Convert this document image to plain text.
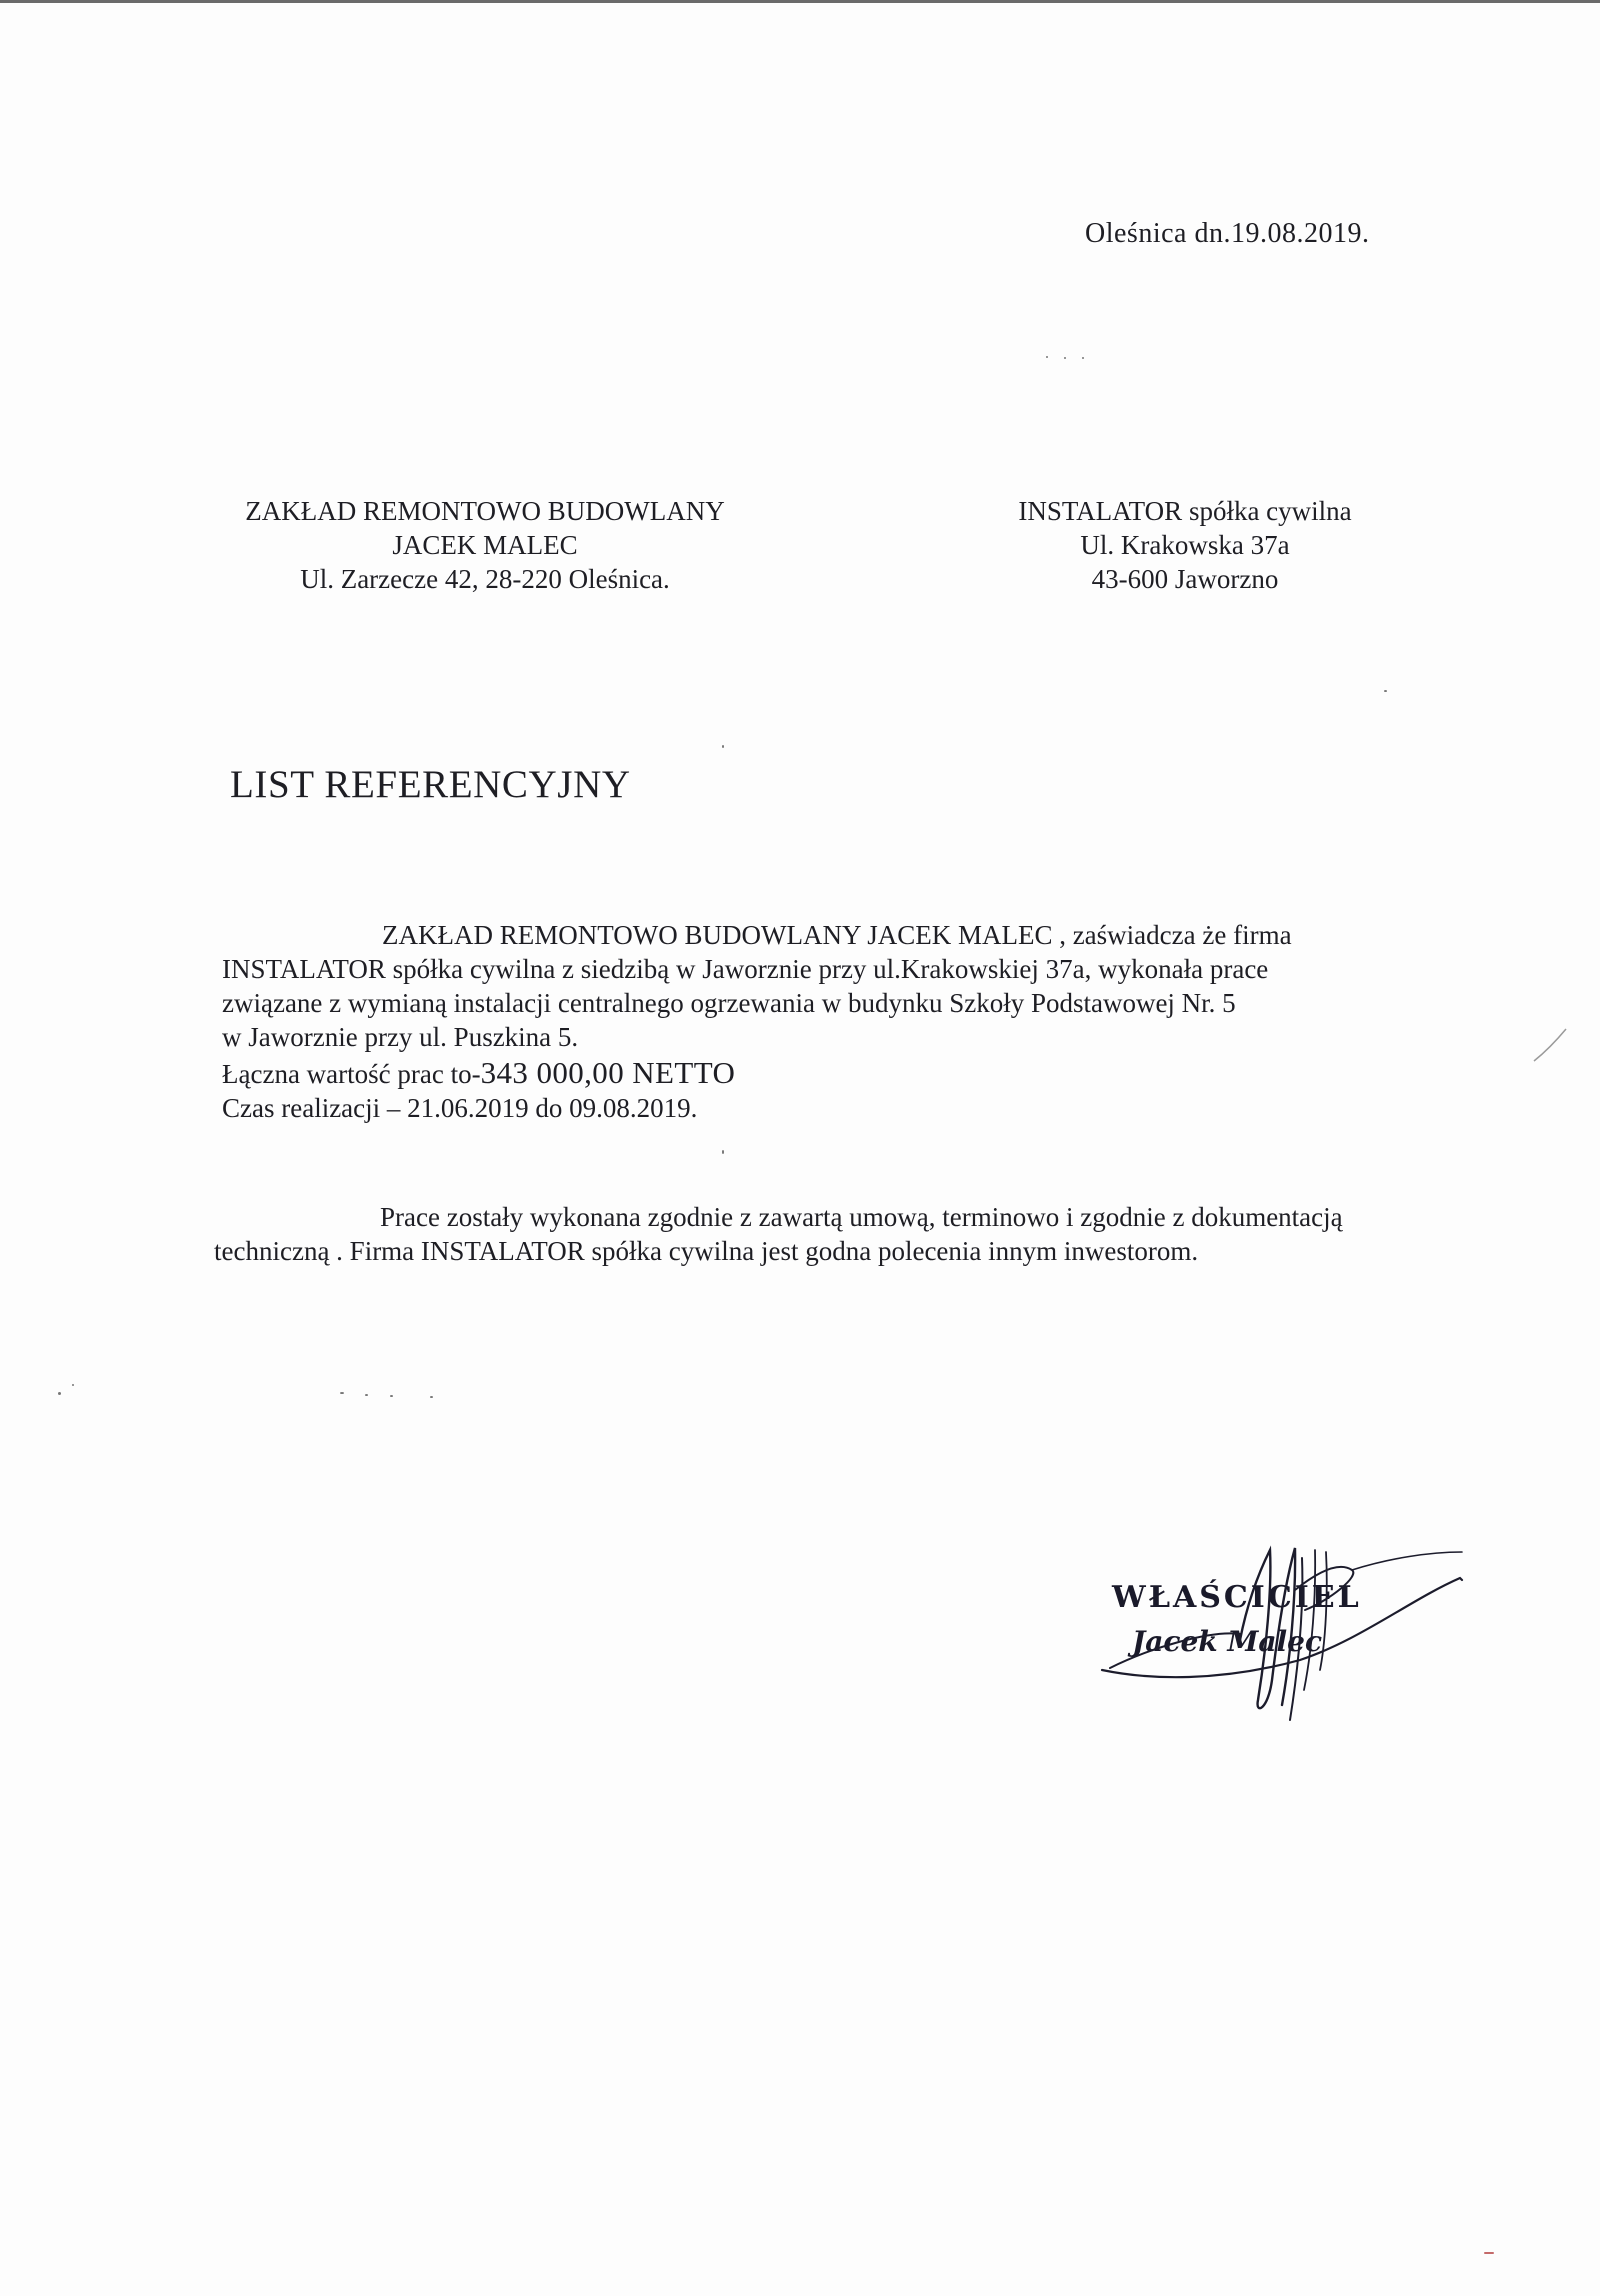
Oleśnica dn.19.08.2019.
ZAKŁAD REMONTOWO BUDOWLANY
JACEK MALEC
Ul. Zarzecze 42, 28-220 Oleśnica.
INSTALATOR spółka cywilna
Ul. Krakowska 37a
43-600 Jaworzno
LIST REFERENCYJNY
ZAKŁAD REMONTOWO BUDOWLANY JACEK MALEC , zaświadcza że firma
INSTALATOR spółka cywilna z siedzibą w Jaworznie przy ul.Krakowskiej 37a, wykonała prace
związane z wymianą instalacji centralnego ogrzewania w budynku Szkoły Podstawowej Nr. 5
w Jaworznie przy ul. Puszkina 5.
Łączna wartość prac to-343 000,00 NETTO
Czas realizacji – 21.06.2019 do 09.08.2019.
Prace zostały wykonana zgodnie z zawartą umową, terminowo i zgodnie z dokumentacją
techniczną . Firma INSTALATOR spółka cywilna jest godna polecenia innym inwestorom.
WŁAŚCICIEL
Jacek Malec
